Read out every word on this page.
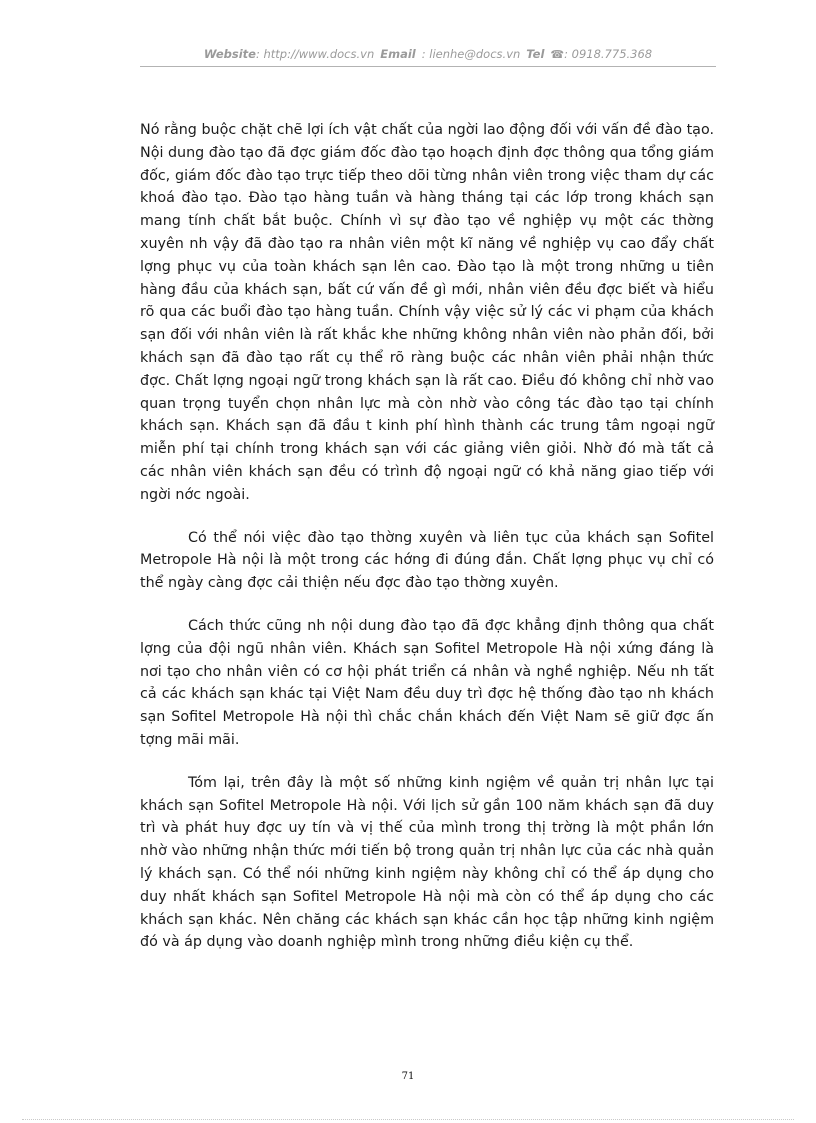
Website: http://www.docs.vn Email : lienhe@docs.vn Tel ☎: 0918.775.368

Nó rằng buộc chặt chẽ lợi ích vật chất của ngời lao động đối với vấn đề đào tạo. Nội dung đào tạo đã đợc giám đốc đào tạo hoạch định đợc thông qua tổng giám đốc, giám đốc đào tạo trực tiếp theo dõi từng nhân viên trong việc tham dự các khoá đào tạo. Đào tạo hàng tuần và hàng tháng tại các lớp trong khách sạn mang tính chất bắt buộc. Chính vì sự đào tạo về nghiệp vụ một các thờng xuyên nh vậy đã đào tạo ra nhân viên một kĩ năng về nghiệp vụ cao đẩy chất lợng phục vụ của toàn khách sạn lên cao. Đào tạo là một trong những u tiên hàng đầu của khách sạn, bất cứ vấn đề gì mới, nhân viên đều đợc biết và hiểu rõ qua các buổi đào tạo hàng tuần. Chính vậy việc sử lý các vi phạm của khách sạn đối với nhân viên là rất khắc khe những không nhân viên nào phản đối, bởi khách sạn đã đào tạo rất cụ thể rõ ràng buộc các nhân viên phải nhận thức đợc. Chất lợng ngoại ngữ trong khách sạn là rất cao. Điều đó không chỉ nhờ vao quan trọng tuyển chọn nhân lực mà còn nhờ vào công tác đào tạo tại chính khách sạn. Khách sạn đã đầu t kinh phí hình thành các trung tâm ngoại ngữ miễn phí tại chính trong khách sạn với các giảng viên giỏi. Nhờ đó mà tất cả các nhân viên khách sạn đều có trình độ ngoại ngữ có khả năng giao tiếp với ngời nớc ngoài.

Có thể nói việc đào tạo thờng xuyên và liên tục của khách sạn Sofitel Metropole Hà nội là một trong các hớng đi đúng đắn. Chất lợng phục vụ chỉ có thể ngày càng đợc cải thiện nếu đợc đào tạo thờng xuyên.

Cách thức cũng nh nội dung đào tạo đã đợc khẳng định thông qua chất lợng của đội ngũ nhân viên. Khách sạn Sofitel Metropole Hà nội xứng đáng là nơi tạo cho nhân viên có cơ hội phát triển cá nhân và nghề nghiệp. Nếu nh tất cả các khách sạn khác tại Việt Nam đều duy trì đợc hệ thống đào tạo nh khách sạn Sofitel Metropole Hà nội thì chắc chắn khách đến Việt Nam sẽ giữ đợc ấn tợng mãi mãi.

Tóm lại, trên đây là một số những kinh ngiệm về quản trị nhân lực tại khách sạn Sofitel Metropole Hà nội. Với lịch sử gần 100 năm khách sạn đã duy trì và phát huy đợc uy tín và vị thế của mình trong thị trờng là một phần lớn nhờ vào những nhận thức mới tiến bộ trong quản trị nhân lực của các nhà quản lý khách sạn. Có thể nói những kinh ngiệm này không chỉ có thể áp dụng cho duy nhất khách sạn Sofitel Metropole Hà nội mà còn có thể áp dụng cho các khách sạn khác. Nên chăng các khách sạn khác cần học tập những kinh ngiệm đó và áp dụng vào doanh nghiệp mình trong những điều kiện cụ thể.

71
